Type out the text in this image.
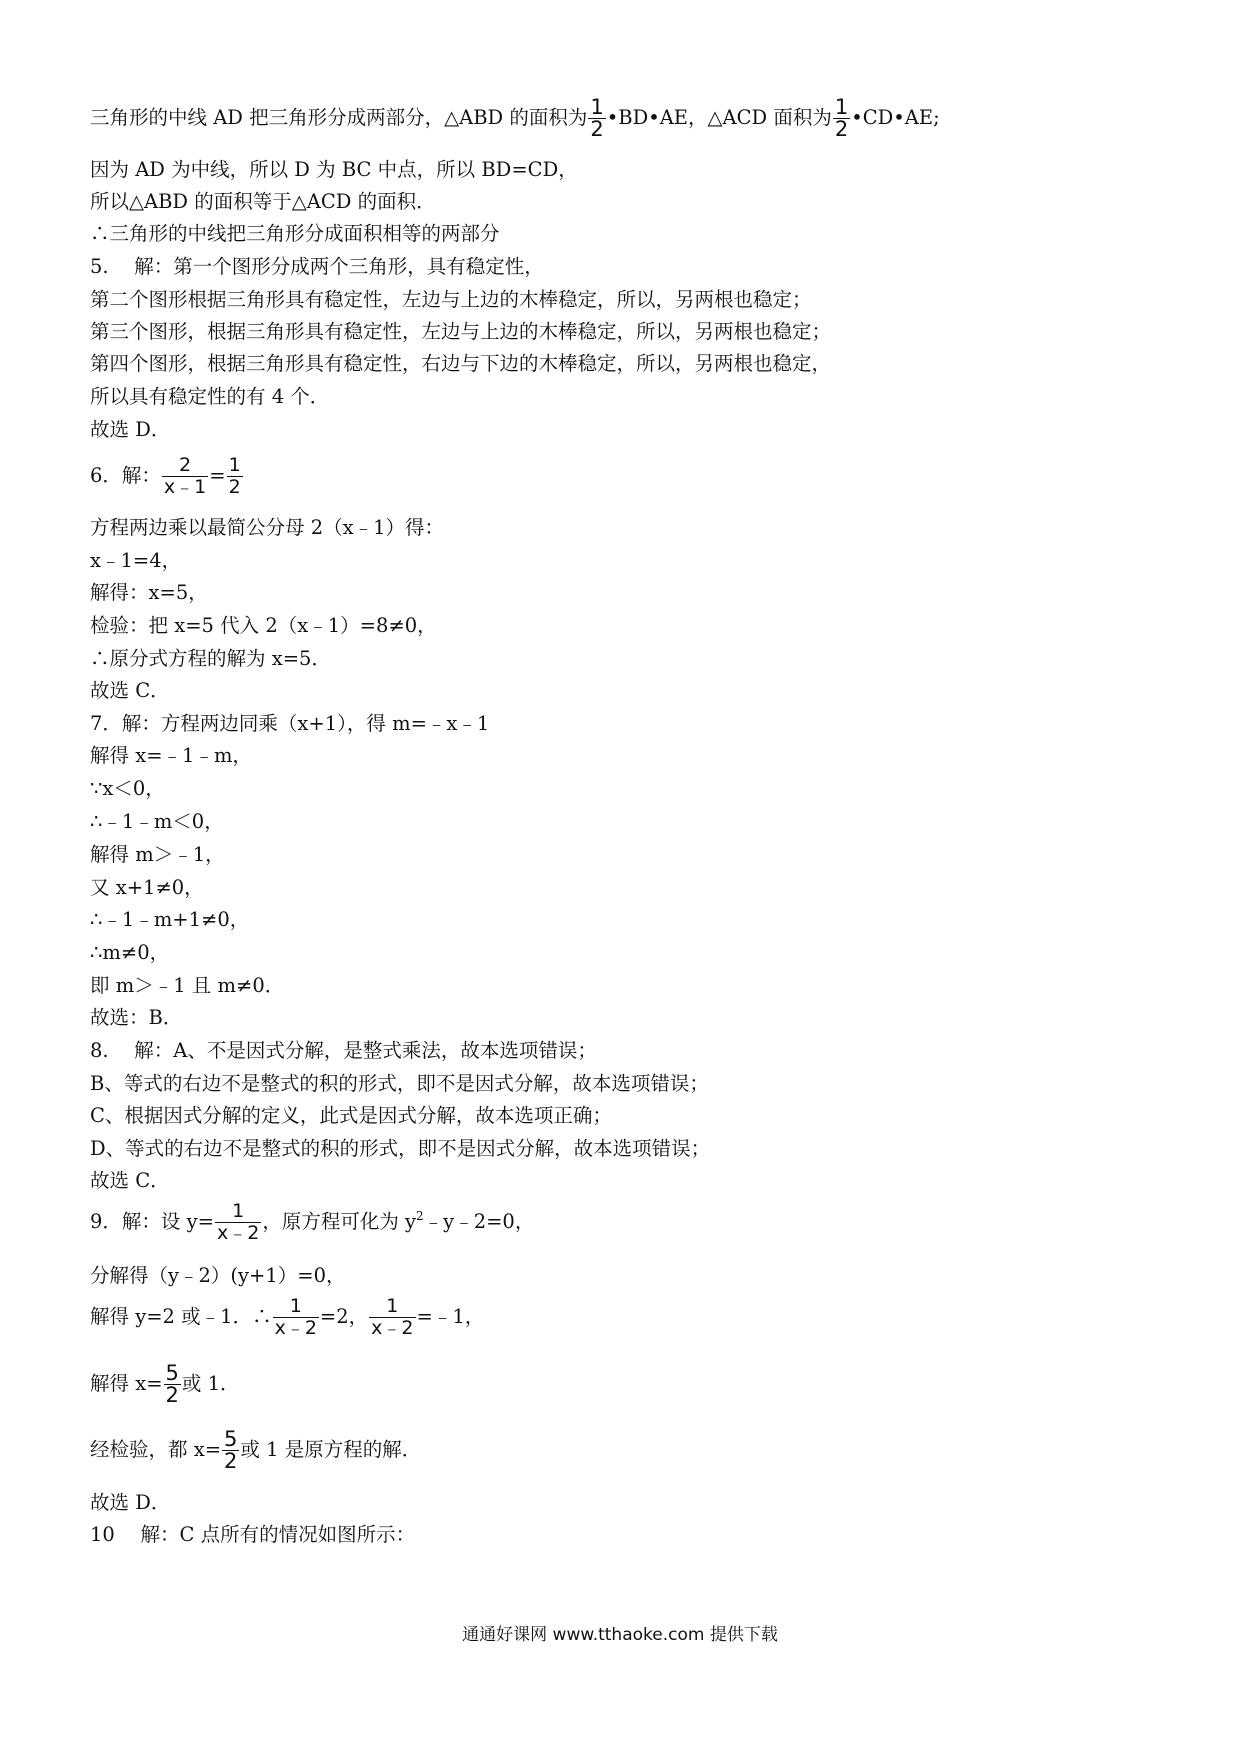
三角形的中线 AD 把三角形分成两部分，△ABD 的面积为 $\frac{1}{2}$ •BD•AE，△ACD 面积为 $\frac{1}{2}$ •CD•AE;
因为 AD 为中线，所以 D 为 BC 中点，所以 BD=CD，
所以△ABD 的面积等于△ACD 的面积．
∴三角形的中线把三角形分成面积相等的两部分
5.　 解：第一个图形分成两个三角形，具有稳定性，
第二个图形根据三角形具有稳定性，左边与上边的木棒稳定，所以，另两根也稳定；
第三个图形，根据三角形具有稳定性，左边与上边的木棒稳定，所以，另两根也稳定；
第四个图形，根据三角形具有稳定性，右边与下边的木棒稳定，所以，另两根也稳定，
所以具有稳定性的有 4 个．
故选 D．
6．解： $\frac{2}{x﹣1} = \frac{1}{2}$
方程两边乘以最简公分母 2（x﹣1）得：
x﹣1=4，
解得：x=5，
检验：把 x=5 代入 2（x﹣1）=8≠0，
∴原分式方程的解为 x=5．
故选 C．
7．解：方程两边同乘（x+1），得 m=﹣x﹣1
解得 x=﹣1﹣m，
∵x＜0，
∴﹣1﹣m＜0，
解得 m＞﹣1，
又 x+1≠0，
∴﹣1﹣m+1≠0，
∴m≠0，
即 m＞﹣1 且 m≠0．
故选：B．
8.　 解：A、不是因式分解，是整式乘法，故本选项错误；
B、等式的右边不是整式的积的形式，即不是因式分解，故本选项错误；
C、根据因式分解的定义，此式是因式分解，故本选项正确；
D、等式的右边不是整式的积的形式，即不是因式分解，故本选项错误；
故选 C．
9．解：设 $y= \frac{1}{x﹣2}$ ，原方程可化为 $y^2﹣y﹣2=0$，
分解得（y﹣2）(y+1）=0，
解得 y=2 或﹣1．∴ $\frac{1}{x﹣2} =2$， $\frac{1}{x﹣2}$ =﹣1，
解得 $x= \frac{5}{2}$ 或 1．
经检验，都 $x= \frac{5}{2}$ 或 1 是原方程的解．
故选 D．
10　 解：C 点所有的情况如图所示：
通通好课网 www.tthaoke.com 提供下载
